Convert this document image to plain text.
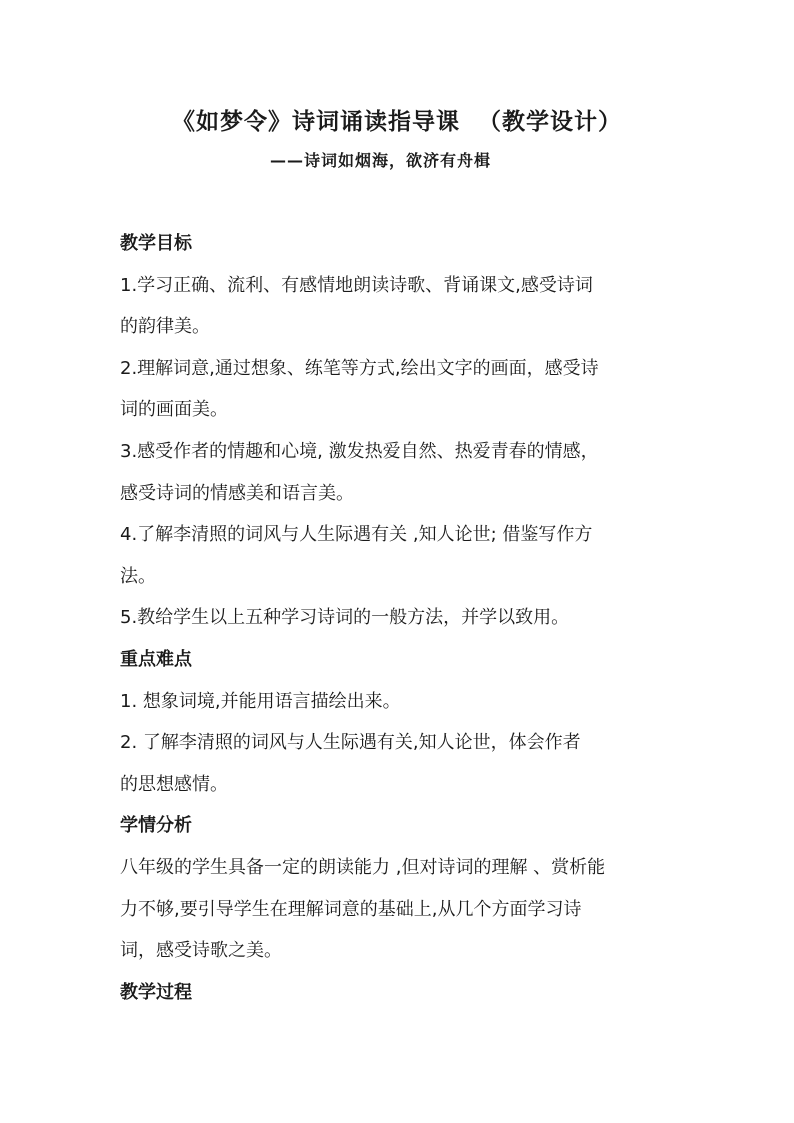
《如梦令》诗词诵读指导课  （教学设计）
——诗词如烟海，欲济有舟楫
教学目标
1.学习正确、流利、有感情地朗读诗歌、背诵课文,感受诗词
的韵律美。
2.理解词意,通过想象、练笔等方式,绘出文字的画面，感受诗
词的画面美。
3.感受作者的情趣和心境, 激发热爱自然、热爱青春的情感，
感受诗词的情感美和语言美。
4.了解李清照的词风与人生际遇有关 ,知人论世; 借鉴写作方
法。
5.教给学生以上五种学习诗词的一般方法，并学以致用。
重点难点
1. 想象词境,并能用语言描绘出来。
2. 了解李清照的词风与人生际遇有关,知人论世，体会作者
的思想感情。
学情分析
八年级的学生具备一定的朗读能力 ,但对诗词的理解 、赏析能
力不够,要引导学生在理解词意的基础上,从几个方面学习诗
词，感受诗歌之美。
教学过程
